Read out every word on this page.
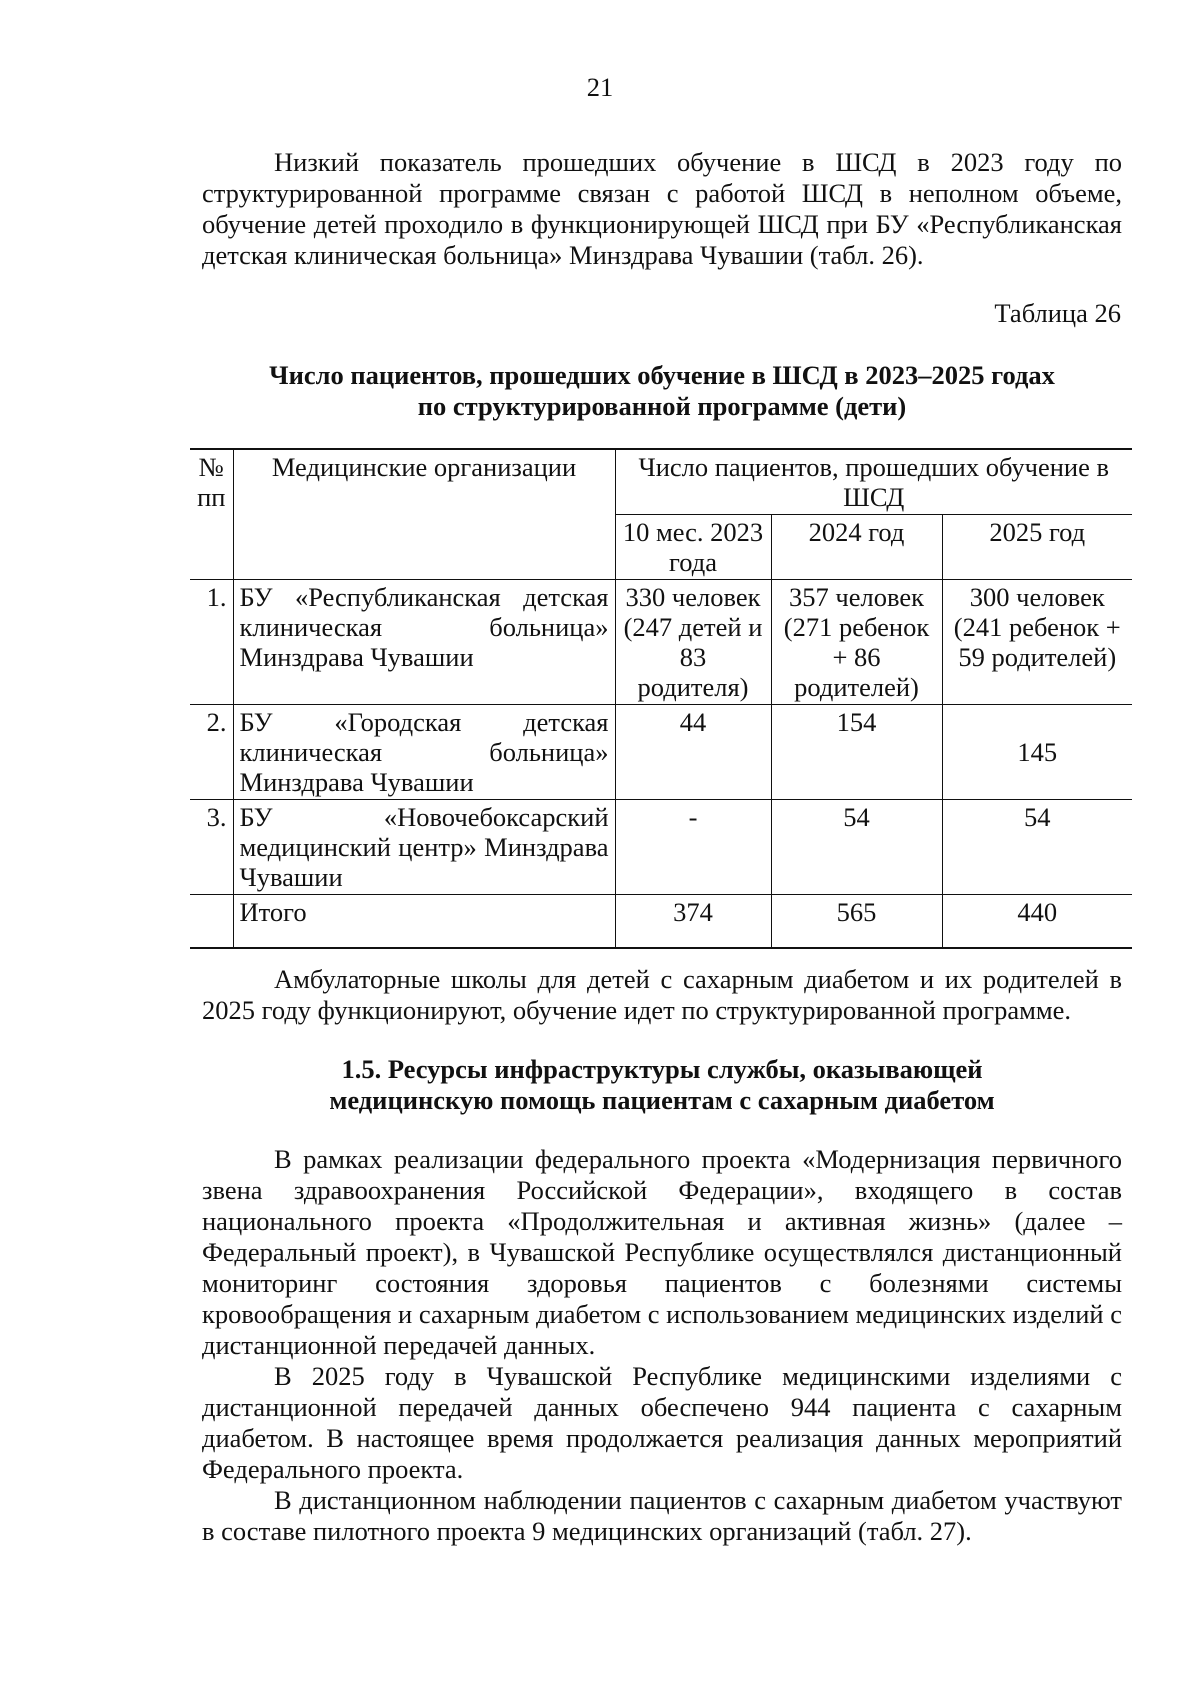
21

Низкий показатель прошедших обучение в ШСД в 2023 году по структурированной программе связан с работой ШСД в неполном объеме, обучение детей проходило в функционирующей ШСД при БУ «Республиканская детская клиническая больница» Минздрава Чувашии (табл. 26).

Таблица 26

Число пациентов, прошедших обучение в ШСД в 2023–2025 годах

по структурированной программе (дети)

№ пп	Медицинские организации	Число пациентов, прошедших обучение в ШСД		
		10 мес. 2023 года	2024 год	2025 год
1.	БУ «Республиканская детская клиническая больница» Минздрава Чувашии	330 человек (247 детей и 83 родителя)	357 человек (271 ребенок + 86 родителей)	300 человек (241 ребенок + 59 родителей)
2.	БУ «Городская детская клиническая больница» Минздрава Чувашии	44	154	145
3.	БУ «Новочебоксарский медицинский центр» Минздрава Чувашии	-	54	54
	Итого	374	565	440

Амбулаторные школы для детей с сахарным диабетом и их родителей в 2025 году функционируют, обучение идет по структурированной программе.

1.5. Ресурсы инфраструктуры службы, оказывающей

медицинскую помощь пациентам с сахарным диабетом

В рамках реализации федерального проекта «Модернизация первичного звена здравоохранения Российской Федерации», входящего в состав национального проекта «Продолжительная и активная жизнь» (далее – Федеральный проект), в Чувашской Республике осуществлялся дистанционный мониторинг состояния здоровья пациентов с болезнями системы кровообращения и сахарным диабетом с использованием медицинских изделий с дистанционной передачей данных.

В 2025 году в Чувашской Республике медицинскими изделиями с дистанционной передачей данных обеспечено 944 пациента с сахарным диабетом. В настоящее время продолжается реализация данных мероприятий Федерального проекта.

В дистанционном наблюдении пациентов с сахарным диабетом участвуют в составе пилотного проекта 9 медицинских организаций (табл. 27).
